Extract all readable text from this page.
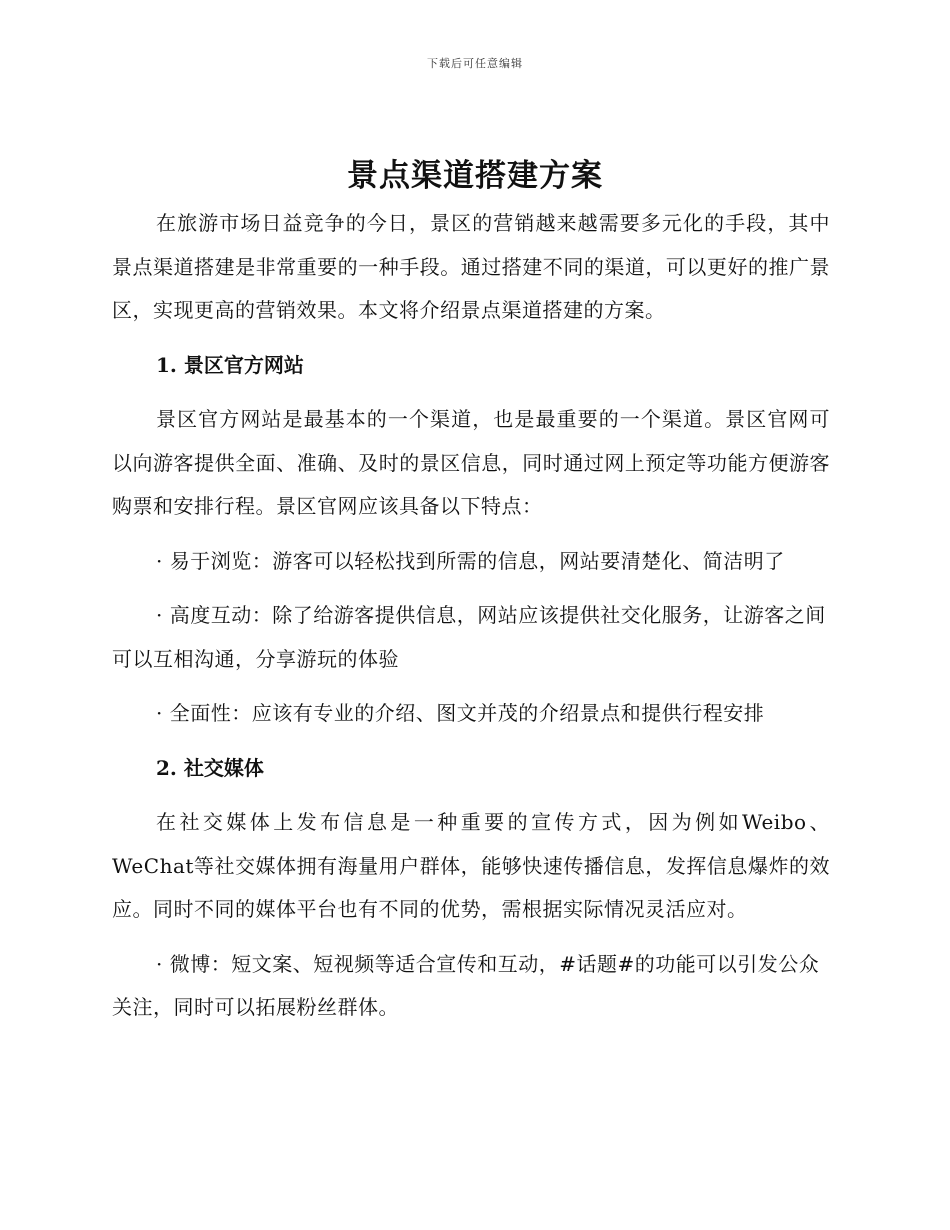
下载后可任意编辑
景点渠道搭建方案

在旅游市场日益竞争的今日，景区的营销越来越需要多元化的手段，其中景点渠道搭建是非常重要的一种手段。通过搭建不同的渠道，可以更好的推广景区，实现更高的营销效果。本文将介绍景点渠道搭建的方案。

1. 景区官方网站

景区官方网站是最基本的一个渠道，也是最重要的一个渠道。景区官网可以向游客提供全面、准确、及时的景区信息，同时通过网上预定等功能方便游客购票和安排行程。景区官网应该具备以下特点：

· 易于浏览：游客可以轻松找到所需的信息，网站要清楚化、简洁明了

· 高度互动：除了给游客提供信息，网站应该提供社交化服务，让游客之间可以互相沟通，分享游玩的体验

· 全面性：应该有专业的介绍、图文并茂的介绍景点和提供行程安排

2. 社交媒体

在社交媒体上发布信息是一种重要的宣传方式，因为例如Weibo、WeChat等社交媒体拥有海量用户群体，能够快速传播信息，发挥信息爆炸的效应。同时不同的媒体平台也有不同的优势，需根据实际情况灵活应对。

· 微博：短文案、短视频等适合宣传和互动，#话题#的功能可以引发公众关注，同时可以拓展粉丝群体。
